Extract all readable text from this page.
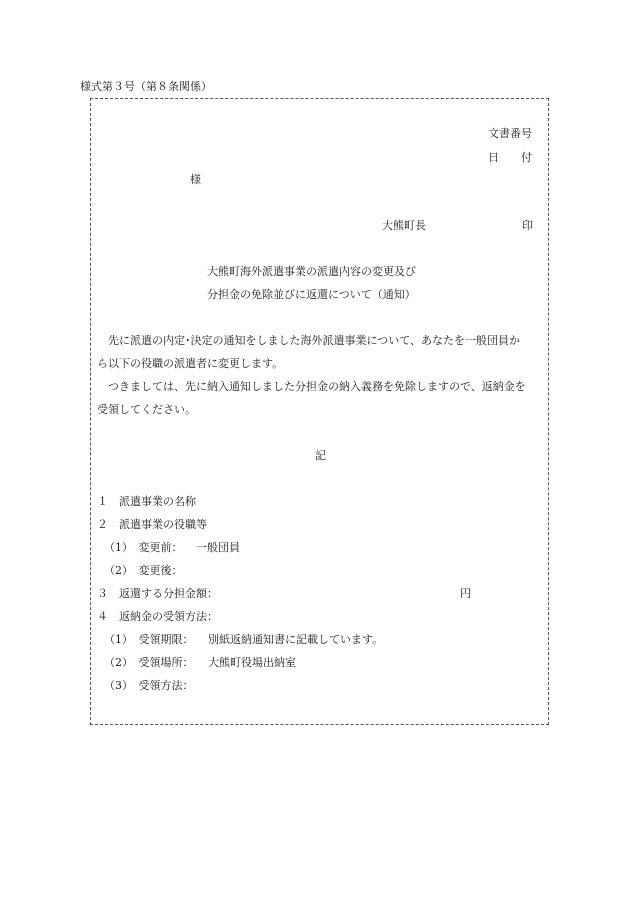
様式第３号（第８条関係）
文書番号
日　　付
様
大熊町長	印
大熊町海外派遣事業の派遣内容の変更及び
分担金の免除並びに返還について（通知）
先に派遣の内定･決定の通知をしました海外派遣事業について、あなたを一般団員か
ら以下の役職の派遣者に変更します。
つきましては、先に納入通知しました分担金の納入義務を免除しますので、返納金を
受領してください。
記
１　派遣事業の名称
２　派遣事業の役職等
（1）　変更前： 一般団員
（2）　変更後：
３　返還する分担金額：	円
４　返納金の受領方法：
（1）　受領期限： 別紙返納通知書に記載しています。
（2）　受領場所： 大熊町役場出納室
（3）　受領方法：
